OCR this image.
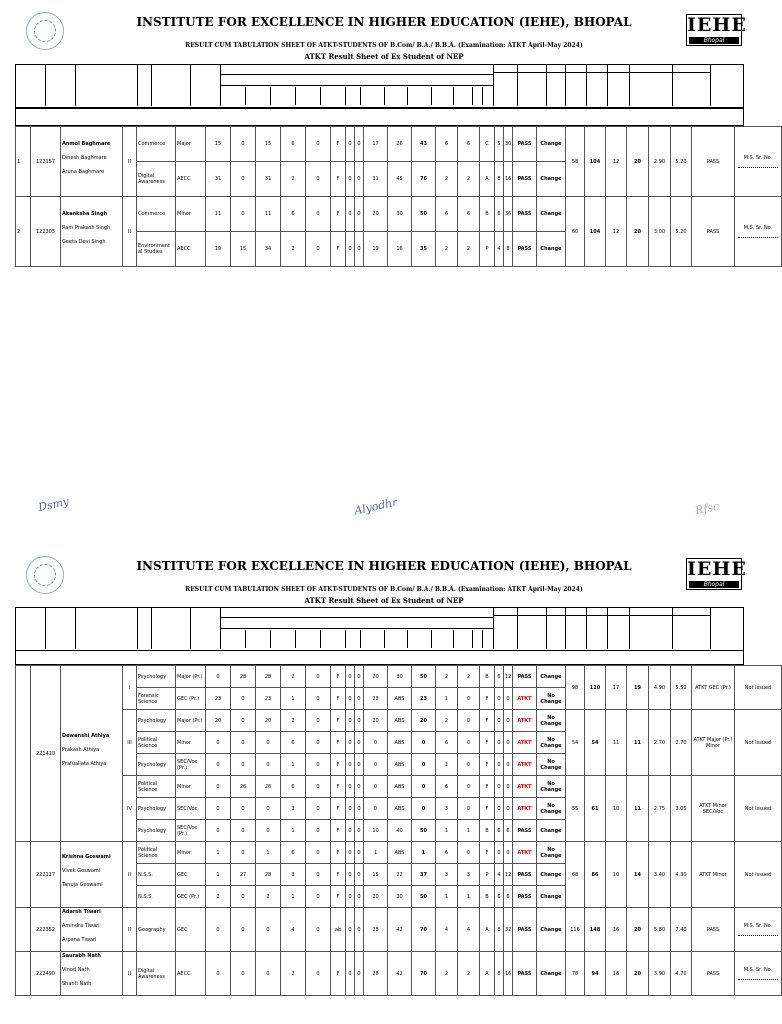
IEHE
Bhopal
INSTITUTE FOR EXCELLENCE IN HIGHER EDUCATION (IEHE), BHOPAL
RESULT CUM TABULATION SHEET OF ATKT-STUDENTS OF B.Com/ B.A./ B.B.A. (Examination: ATKT April-May 2024)
ATKT Result Sheet of Ex Student of NEP
1	122157	Anmol Baghmare
Dinesh Baghmare
Aruna Baghmare	II	Commerce	Major	15	0	15	6	0	F	0	0	17	26	43	6	6	C	5	30	PASS	Change	58	104	12	20	2.90	5.20	PASS	M.S. Sr. No.

				Digital Awareness	AECC	31	0	31	2	0	F	0	0	31	45	76	2	2	A	8	16	PASS	Change								
2	122305	Akanksha Singh
Ram Prakash Singh
Geeta Devi Singh	II	Commerce	Minor	11	0	11	6	0	F	0	0	20	30	50	6	6	B	6	36	PASS	Change	60	104	12	20	3.00	5.20	PASS	M.S. Sr. No.

				Environment al Studies	AECC	19	15	34	2	0	F	0	0	19	16	35	2	2	P	4	8	PASS	Change								
Dsmy	Alyodhr	Rfsc
IEHE
Bhopal
INSTITUTE FOR EXCELLENCE IN HIGHER EDUCATION (IEHE), BHOPAL
RESULT CUM TABULATION SHEET OF ATKT-STUDENTS OF B.Com/ B.A./ B.B.A. (Examination: ATKT April-May 2024)
ATKT Result Sheet of Ex Student of NEP
	221410	Dewanshi Athiya
Prakash Athiya
Prafuallata Athiya	I	Psychology	Major (Pr.)	0	28	28	2	0	F	0	0	20	30	50	2	2	B	6	12	PASS	Change	98	110	17	19	4.90	5.50	ATKT GEC (Pr.)	Not Issued
				Forensic Science	GEC (Pr.)	23	0	23	1	0	F	0	0	23	ABS	23	1	0	F	0	0	ATKT	No Change								
			III	Psychology	Major (Pr.)	20	0	20	2	0	F	0	0	20	ABS	20	2	0	F	0	0	ATKT	No Change	54	54	11	11	2.70	2.70	ATKT Major (Pr.) Minor	Not Issued
				Political Science	Minor	0	0	0	6	0	F	0	0	0	ABS	0	6	0	F	0	0	ATKT	No Change								
				Psychology	SEC/Voc (Pr.)	0	0	0	1	0	F	0	0	0	ABS	0	1	0	F	0	0	ATKT	No Change								
			IV	Political Science	Minor	0	26	26	6	0	F	0	0	0	ABS	0	6	0	F	0	0	ATKT	No Change	55	61	10	11	2.75	3.05	ATKT Minor SEC/Voc	Not Issued
				Psychology	SEC/Voc	0	0	0	3	0	F	0	0	0	ABS	0	3	0	F	0	0	ATKT	No Change								
				Psychology	SEC/Voc (Pr.)	0	0	0	1	0	F	0	0	10	40	50	1	1	B	6	6	PASS	Change								
	222117	Krishna Goswami
Vivek Goswami
Tanuja Goswami	II	Political Science	Minor	1	0	1	6	0	F	0	0	1	ABS	1	6	0	F	0	0	ATKT	No Change	68	86	10	14	3.40	4.30	ATKT Minor	Not Issued
				N.S.S.	GEC	1	27	28	3	0	F	0	0	15	22	37	3	3	P	4	12	PASS	Change								
				N.S.S.	GEC (Pr.)	2	0	2	1	0	F	0	0	20	30	50	1	1	B	6	6	PASS	Change								
	222352	Adarsh Tiwari
Amindra Tiwari
Arpana Tiwari	II	Geography	GEC	0	0	0	4	0	ab	0	0	28	42	70	4	4	A	8	32	PASS	Change	116	148	16	20	5.80	7.40	PASS	M.S. Sr. No.

	222490	Saurabh Nath
Vinod Nath
Shanti Nath	II	Digital Awareness	AECC	0	0	0	2	0	F	0	0	28	42	70	2	2	A	8	16	PASS	Change	78	94	18	20	3.90	4.70	PASS	M.S. Sr. No.
